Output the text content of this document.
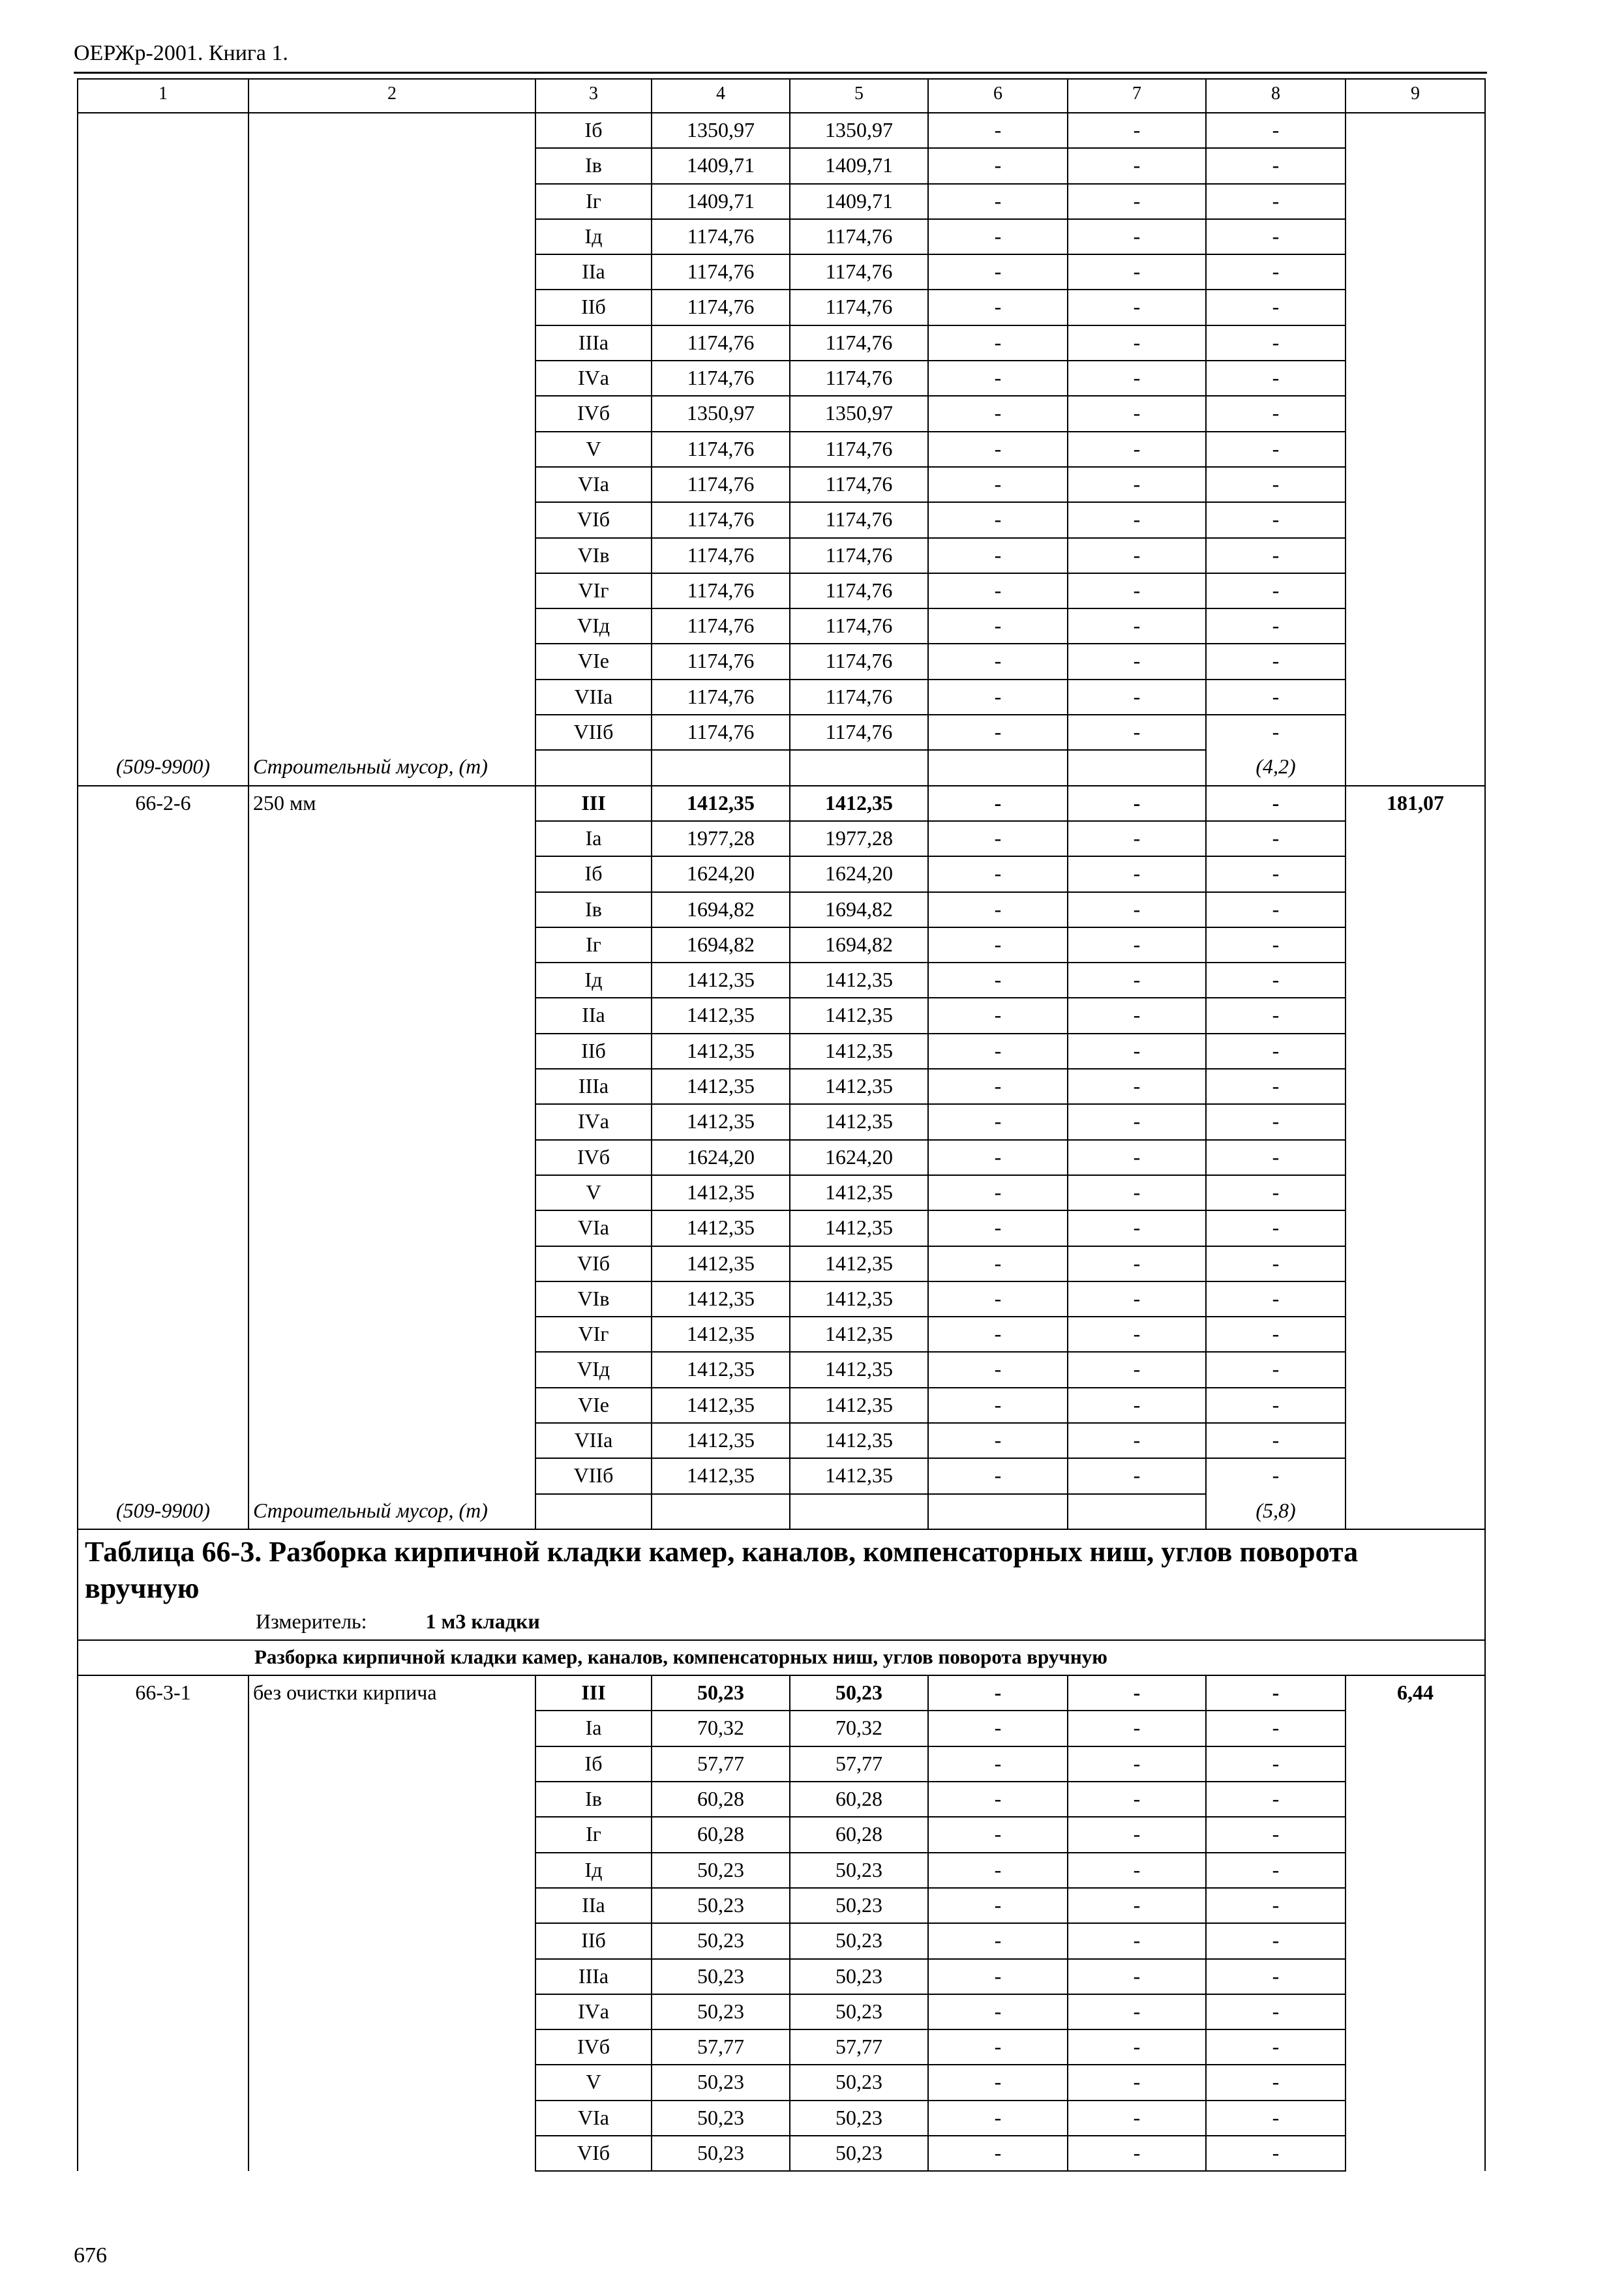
ОЕРЖр-2001. Книга 1.
1	2	3	4	5	6	7	8	9
		Iб	1350,97	1350,97	-	-	-	
		Iв	1409,71	1409,71	-	-	-	
		Iг	1409,71	1409,71	-	-	-	
		Iд	1174,76	1174,76	-	-	-	
		IIа	1174,76	1174,76	-	-	-	
		IIб	1174,76	1174,76	-	-	-	
		IIIа	1174,76	1174,76	-	-	-	
		IVа	1174,76	1174,76	-	-	-	
		IVб	1350,97	1350,97	-	-	-	
		V	1174,76	1174,76	-	-	-	
		VIа	1174,76	1174,76	-	-	-	
		VIб	1174,76	1174,76	-	-	-	
		VIв	1174,76	1174,76	-	-	-	
		VIг	1174,76	1174,76	-	-	-	
		VIд	1174,76	1174,76	-	-	-	
		VIе	1174,76	1174,76	-	-	-	
		VIIа	1174,76	1174,76	-	-	-	
		VIIб	1174,76	1174,76	-	-	-	
(509-9900)	Строительный мусор, (т)						(4,2)	
66-2-6	250 мм	III	1412,35	1412,35	-	-	-	181,07
		Iа	1977,28	1977,28	-	-	-	
		Iб	1624,20	1624,20	-	-	-	
		Iв	1694,82	1694,82	-	-	-	
		Iг	1694,82	1694,82	-	-	-	
		Iд	1412,35	1412,35	-	-	-	
		IIа	1412,35	1412,35	-	-	-	
		IIб	1412,35	1412,35	-	-	-	
		IIIа	1412,35	1412,35	-	-	-	
		IVа	1412,35	1412,35	-	-	-	
		IVб	1624,20	1624,20	-	-	-	
		V	1412,35	1412,35	-	-	-	
		VIа	1412,35	1412,35	-	-	-	
		VIб	1412,35	1412,35	-	-	-	
		VIв	1412,35	1412,35	-	-	-	
		VIг	1412,35	1412,35	-	-	-	
		VIд	1412,35	1412,35	-	-	-	
		VIе	1412,35	1412,35	-	-	-	
		VIIа	1412,35	1412,35	-	-	-	
		VIIб	1412,35	1412,35	-	-	-	
(509-9900)	Строительный мусор, (т)						(5,8)	

Таблица 66-3. Разборка кирпичной кладки камер, каналов, компенсаторных ниш, углов поворота вручную
Измеритель: 1 м3 кладки								

Разборка кирпичной кладки камер, каналов, компенсаторных ниш, углов поворота вручную								
66-3-1	без очистки кирпича	III	50,23	50,23	-	-	-	6,44
		Iа	70,32	70,32	-	-	-	
		Iб	57,77	57,77	-	-	-	
		Iв	60,28	60,28	-	-	-	
		Iг	60,28	60,28	-	-	-	
		Iд	50,23	50,23	-	-	-	
		IIа	50,23	50,23	-	-	-	
		IIб	50,23	50,23	-	-	-	
		IIIа	50,23	50,23	-	-	-	
		IVа	50,23	50,23	-	-	-	
		IVб	57,77	57,77	-	-	-	
		V	50,23	50,23	-	-	-	
		VIа	50,23	50,23	-	-	-	
		VIб	50,23	50,23	-	-	-	
676
